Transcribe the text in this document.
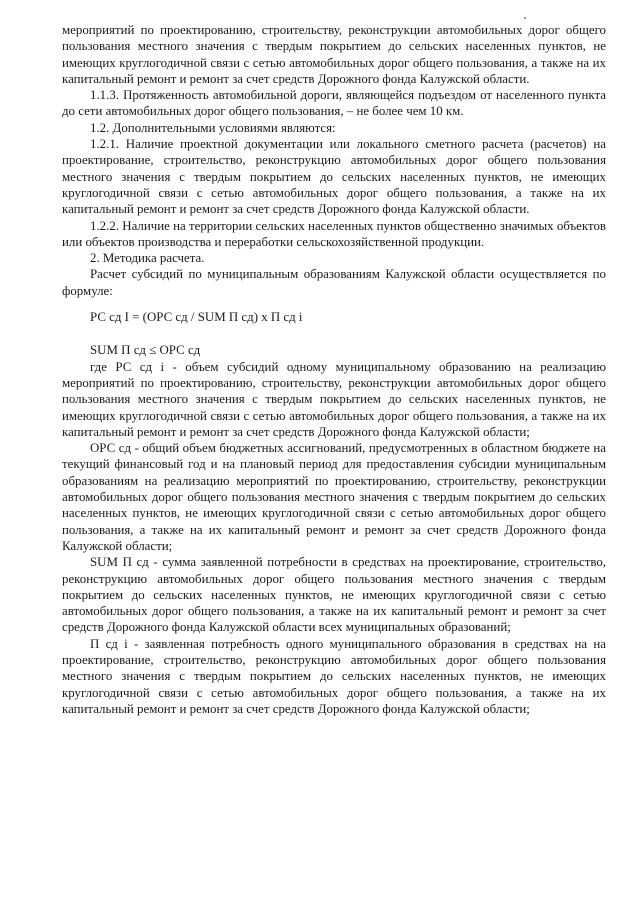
мероприятий по проектированию, строительству, реконструкции автомобильных дорог общего пользования местного значения с твердым покрытием до сельских населенных пунктов, не имеющих круглогодичной связи с сетью автомобильных дорог общего пользования, а также на их капитальный ремонт и ремонт за счет средств Дорожного фонда Калужской области.

1.1.3. Протяженность автомобильной дороги, являющейся подъездом от населенного пункта до сети автомобильных дорог общего пользования, – не более чем 10 км.

1.2. Дополнительными условиями являются:

1.2.1. Наличие проектной документации или локального сметного расчета (расчетов) на проектирование, строительство, реконструкцию автомобильных дорог общего пользования местного значения с твердым покрытием до сельских населенных пунктов, не имеющих круглогодичной связи с сетью автомобильных дорог общего пользования, а также на их капитальный ремонт и ремонт за счет средств Дорожного фонда Калужской области.

1.2.2. Наличие на территории сельских населенных пунктов общественно значимых объектов или объектов производства и переработки сельскохозяйственной продукции.

2. Методика расчета.

Расчет субсидий по муниципальным образованиям Калужской области осуществляется по формуле:

РС сд I = (ОРС сд / SUM П сд) х П сд i

SUM П сд ≤ ОРС сд

где РС сд i - объем субсидий одному муниципальному образованию на реализацию мероприятий по проектированию, строительству, реконструкции автомобильных дорог общего пользования местного значения с твердым покрытием до сельских населенных пунктов, не имеющих круглогодичной связи с сетью автомобильных дорог общего пользования, а также на их капитальный ремонт и ремонт за счет средств Дорожного фонда Калужской области;

ОРС сд - общий объем бюджетных ассигнований, предусмотренных в областном бюджете на текущий финансовый год и на плановый период для предоставления субсидии муниципальным образованиям на реализацию мероприятий по проектированию, строительству, реконструкции автомобильных дорог общего пользования местного значения с твердым покрытием до сельских населенных пунктов, не имеющих круглогодичной связи с сетью автомобильных дорог общего пользования, а также на их капитальный ремонт и ремонт за счет средств Дорожного фонда Калужской области;

SUM П сд - сумма заявленной потребности в средствах на проектирование, строительство, реконструкцию автомобильных дорог общего пользования местного значения с твердым покрытием до сельских населенных пунктов, не имеющих круглогодичной связи с сетью автомобильных дорог общего пользования, а также на их капитальный ремонт и ремонт за счет средств Дорожного фонда Калужской области всех муниципальных образований;

П сд i - заявленная потребность одного муниципального образования в средствах на на проектирование, строительство, реконструкцию автомобильных дорог общего пользования местного значения с твердым покрытием до сельских населенных пунктов, не имеющих круглогодичной связи с сетью автомобильных дорог общего пользования, а также на их капитальный ремонт и ремонт за счет средств Дорожного фонда Калужской области;
